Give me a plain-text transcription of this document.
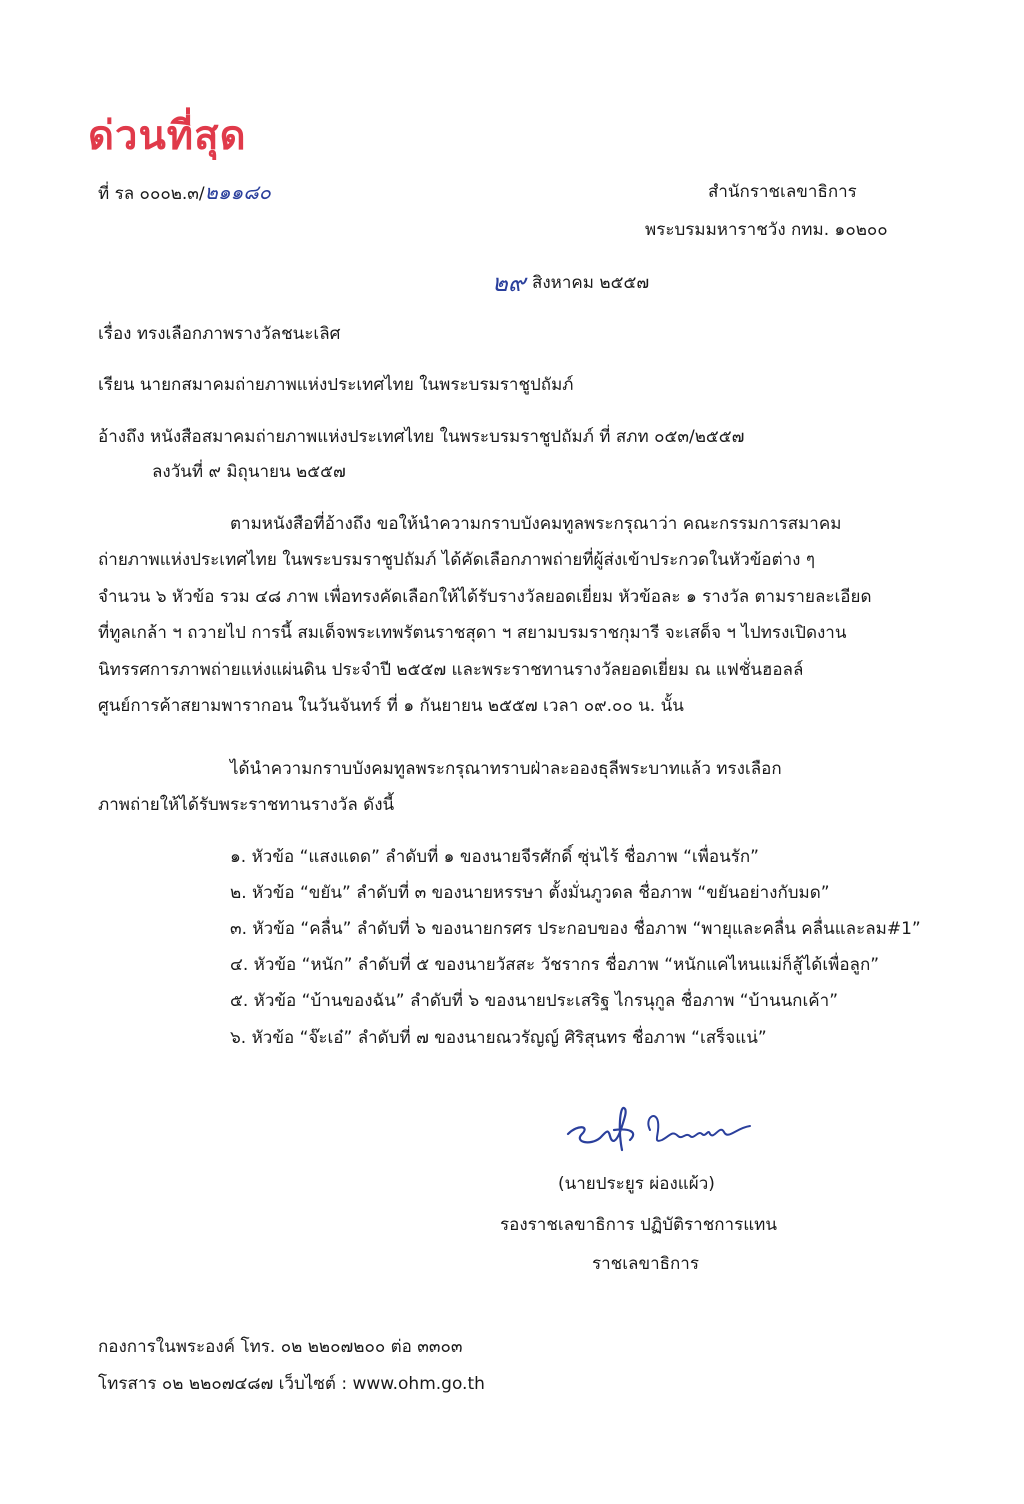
ด่วนที่สุด
ที่ รล ๐๐๐๒.๓/๒๑๑๘๐	สำนักราชเลขาธิการ
พระบรมมหาราชวัง กทม. ๑๐๒๐๐
๒๙ สิงหาคม ๒๕๕๗
เรื่อง ทรงเลือกภาพรางวัลชนะเลิศ
เรียน นายกสมาคมถ่ายภาพแห่งประเทศไทย ในพระบรมราชูปถัมภ์
อ้างถึง หนังสือสมาคมถ่ายภาพแห่งประเทศไทย ในพระบรมราชูปถัมภ์ ที่ สภท ๐๕๓/๒๕๕๗
ลงวันที่ ๙ มิถุนายน ๒๕๕๗
ตามหนังสือที่อ้างถึง ขอให้นำความกราบบังคมทูลพระกรุณาว่า คณะกรรมการสมาคม
ถ่ายภาพแห่งประเทศไทย ในพระบรมราชูปถัมภ์ ได้คัดเลือกภาพถ่ายที่ผู้ส่งเข้าประกวดในหัวข้อต่าง ๆ
จำนวน ๖ หัวข้อ รวม ๔๘ ภาพ เพื่อทรงคัดเลือกให้ได้รับรางวัลยอดเยี่ยม หัวข้อละ ๑ รางวัล ตามรายละเอียด
ที่ทูลเกล้า ฯ ถวายไป การนี้ สมเด็จพระเทพรัตนราชสุดา ฯ สยามบรมราชกุมารี จะเสด็จ ฯ ไปทรงเปิดงาน
นิทรรศการภาพถ่ายแห่งแผ่นดิน ประจำปี ๒๕๕๗ และพระราชทานรางวัลยอดเยี่ยม ณ แฟชั่นฮอลล์
ศูนย์การค้าสยามพารากอน ในวันจันทร์ ที่ ๑ กันยายน ๒๕๕๗ เวลา ๐๙.๐๐ น. นั้น
ได้นำความกราบบังคมทูลพระกรุณาทราบฝ่าละอองธุลีพระบาทแล้ว ทรงเลือก
ภาพถ่ายให้ได้รับพระราชทานรางวัล ดังนี้
๑. หัวข้อ “แสงแดด” ลำดับที่ ๑ ของนายจีรศักดิ์ ซุ่นไร้ ชื่อภาพ “เพื่อนรัก”
๒. หัวข้อ “ขยัน” ลำดับที่ ๓ ของนายหรรษา ตั้งมั่นภูวดล ชื่อภาพ “ขยันอย่างกับมด”
๓. หัวข้อ “คลื่น” ลำดับที่ ๖ ของนายกรศร ประกอบของ ชื่อภาพ “พายุและคลื่น คลื่นและลม#1”
๔. หัวข้อ “หนัก” ลำดับที่ ๕ ของนายวัสสะ วัชรากร ชื่อภาพ “หนักแค่ไหนแม่ก็สู้ได้เพื่อลูก”
๕. หัวข้อ “บ้านของฉัน” ลำดับที่ ๖ ของนายประเสริฐ ไกรนุกูล ชื่อภาพ “บ้านนกเค้า”
๖. หัวข้อ “จ๊ะเอ๋” ลำดับที่ ๗ ของนายณวรัญญ์ ศิริสุนทร ชื่อภาพ “เสร็จแน่”
(นายประยูร ผ่องแผ้ว)
รองราชเลขาธิการ ปฏิบัติราชการแทน
ราชเลขาธิการ
กองการในพระองค์ โทร. ๐๒ ๒๒๐๗๒๐๐ ต่อ ๓๓๐๓
โทรสาร ๐๒ ๒๒๐๗๔๘๗ เว็บไซต์ : www.ohm.go.th
